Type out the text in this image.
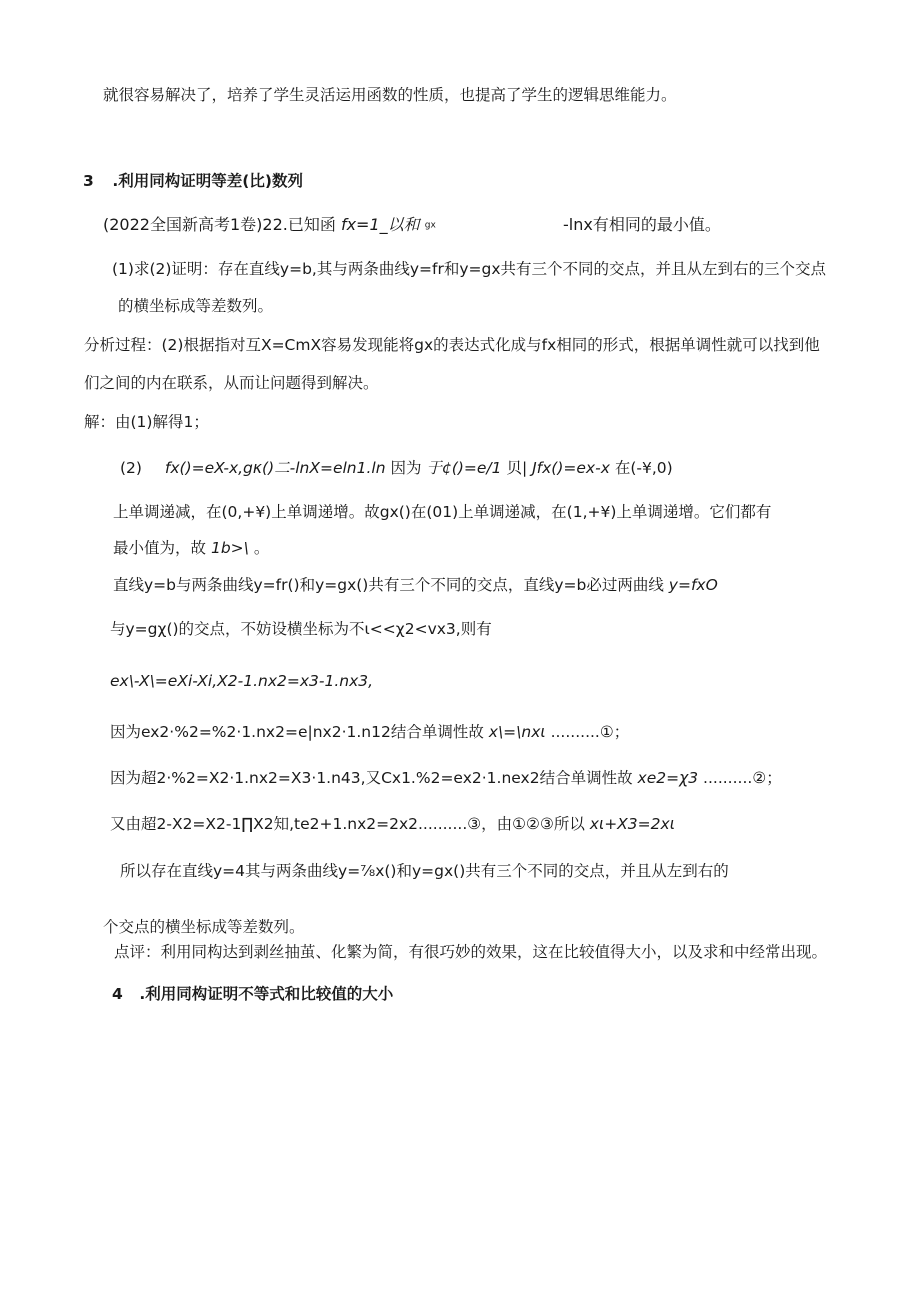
就很容易解决了，培养了学生灵活运用函数的性质，也提高了学生的逻辑思维能力。
3 .利用同构证明等差(比)数列
(2022全国新高考1卷)22.已知函 fx=1_以和 gx	-lnx有相同的最小值。
(1)求(2)证明：存在直线y=b,其与两条曲线y=fr和y=gx共有三个不同的交点，并且从左到右的三个交点
的横坐标成等差数列。
分析过程：(2)根据指对互X=CmX容易发现能将gx的表达式化成与fx相同的形式，根据单调性就可以找到他
们之间的内在联系，从而让问题得到解决。
解：由(1)解得1；
(2) fx()=eX-x,gκ()二-lnX=eln1.ln 因为 于¢()=e/1 贝| Jfx()=ex-x 在(-¥,0)
上单调递减，在(0,+¥)上单调递增。故gx()在(01)上单调递减，在(1,+¥)上单调递增。它们都有
最小值为，故 1b>\ 。
直线y=b与两条曲线y=fr()和y=gx()共有三个不同的交点，直线y=b必过两曲线 y=fxO
与y=gχ()的交点，不妨设横坐标为不ι<<χ2<vx3,则有
ex\-X\=eXi-Xi,X2-1.nx2=x3-1.nx3,
因为ex2·%2=%2·1.nx2=e|nx2·1.n12结合单调性故 x\=\nxι ..........①；
因为超2·%2=X2·1.nx2=X3·1.n43,又Cx1.%2=ex2·1.nex2结合单调性故 xe2=χ3 ..........②；
又由超2-X2=X2-1∏X2知,te2+1.nx2=2x2..........③，由①②③所以 xι+X3=2xι
所以存在直线y=4其与两条曲线y=⅞x()和y=gx()共有三个不同的交点，并且从左到右的
个交点的横坐标成等差数列。
点评：利用同构达到剥丝抽茧、化繁为简，有很巧妙的效果，这在比较值得大小，以及求和中经常出现。
4 .利用同构证明不等式和比较值的大小
